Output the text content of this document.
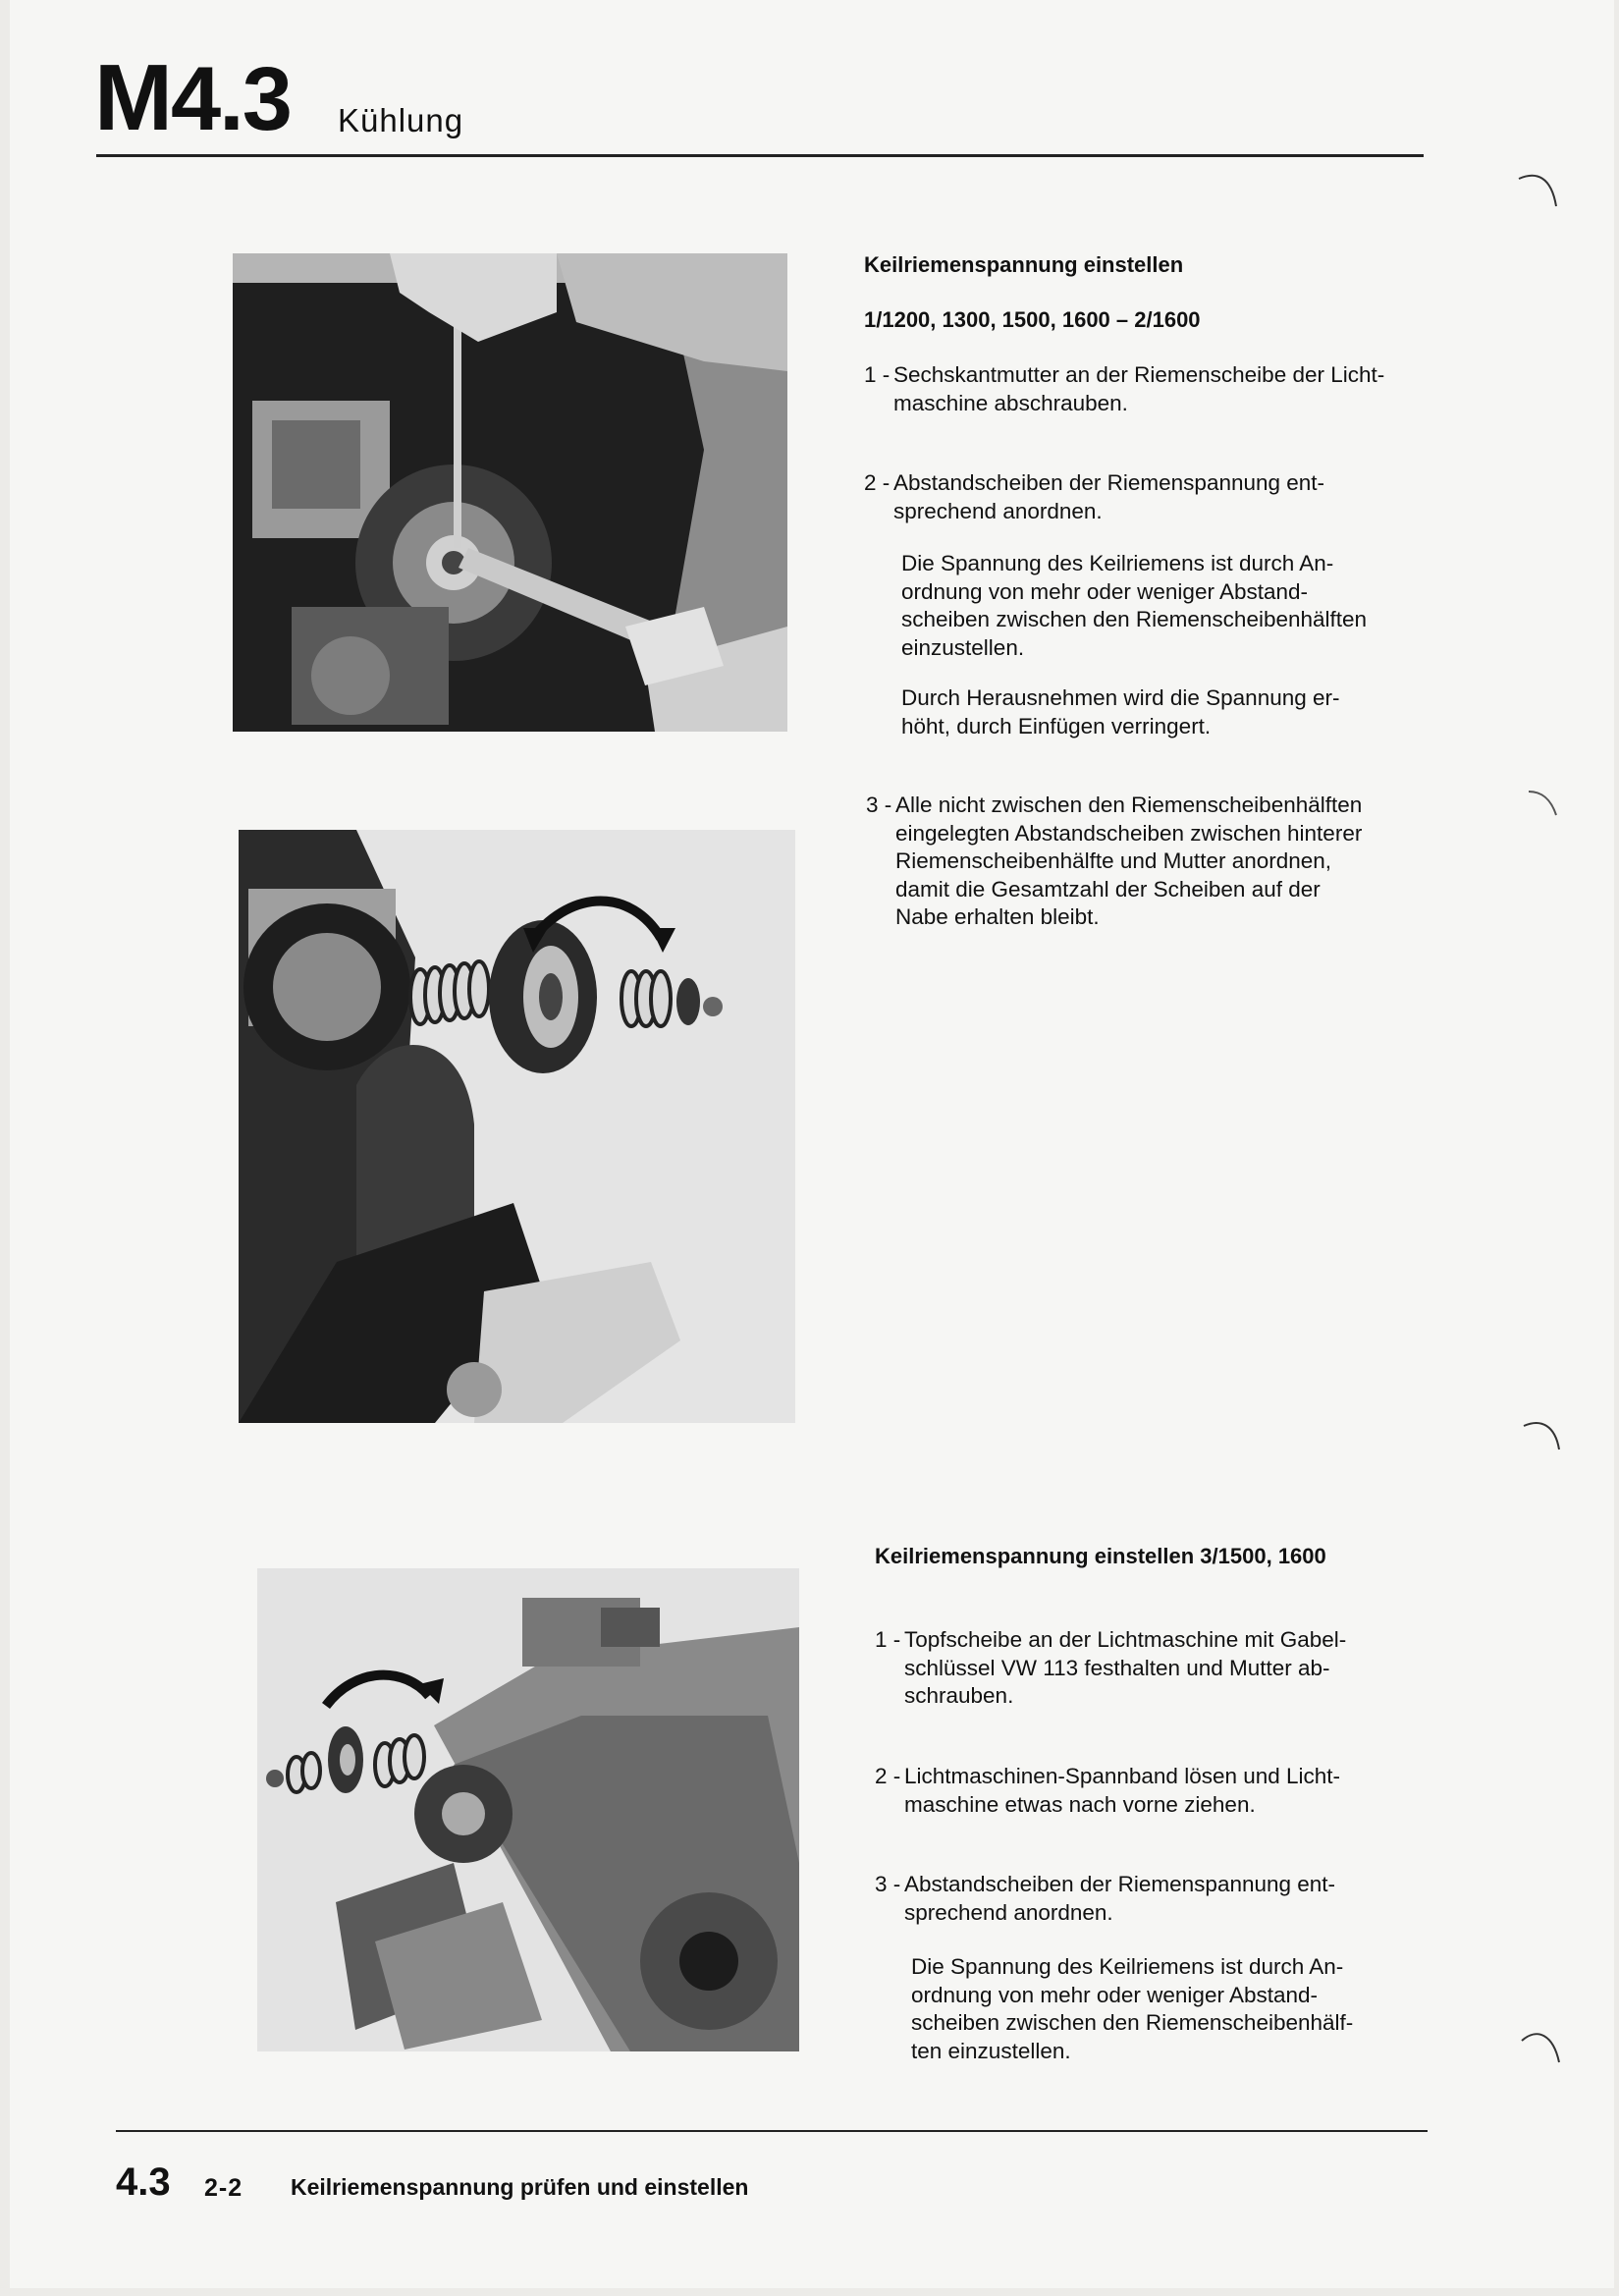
M4.3 Kühlung
Keilriemenspannung einstellen
1/1200, 1300, 1500, 1600 – 2/1600
1 - Sechskantmutter an der Riemenscheibe der Licht-
maschine abschrauben.
2 - Abstandscheiben der Riemenspannung ent-
sprechend anordnen.
Die Spannung des Keilriemens ist durch An-
ordnung von mehr oder weniger Abstand-
scheiben zwischen den Riemenscheibenhälften
einzustellen.
Durch Herausnehmen wird die Spannung er-
höht, durch Einfügen verringert.
3 - Alle nicht zwischen den Riemenscheibenhälften
eingelegten Abstandscheiben zwischen hinterer
Riemenscheibenhälfte und Mutter anordnen,
damit die Gesamtzahl der Scheiben auf der
Nabe erhalten bleibt.
Keilriemenspannung einstellen 3/1500, 1600
1 - Topfscheibe an der Lichtmaschine mit Gabel-
schlüssel VW 113 festhalten und Mutter ab-
schrauben.
2 - Lichtmaschinen-Spannband lösen und Licht-
maschine etwas nach vorne ziehen.
3 - Abstandscheiben der Riemenspannung ent-
sprechend anordnen.
Die Spannung des Keilriemens ist durch An-
ordnung von mehr oder weniger Abstand-
scheiben zwischen den Riemenscheibenhälf-
ten einzustellen.
4.3 2-2 Keilriemenspannung prüfen und einstellen
